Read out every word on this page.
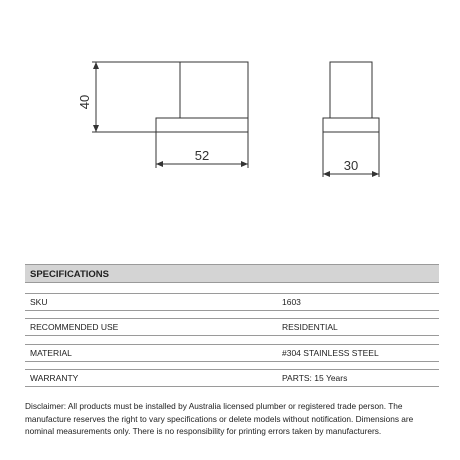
40
52
30
SPECIFICATIONS
SKU	1603
RECOMMENDED USE	RESIDENTIAL
MATERIAL	#304 STAINLESS STEEL
WARRANTY	PARTS: 15 Years
Disclaimer: All products must be installed by Australia licensed plumber or registered trade person. The manufacture reserves the right to vary specifications or delete models without notification. Dimensions are nominal measurements only. There is no responsibility for printing errors taken by manufacturers.
